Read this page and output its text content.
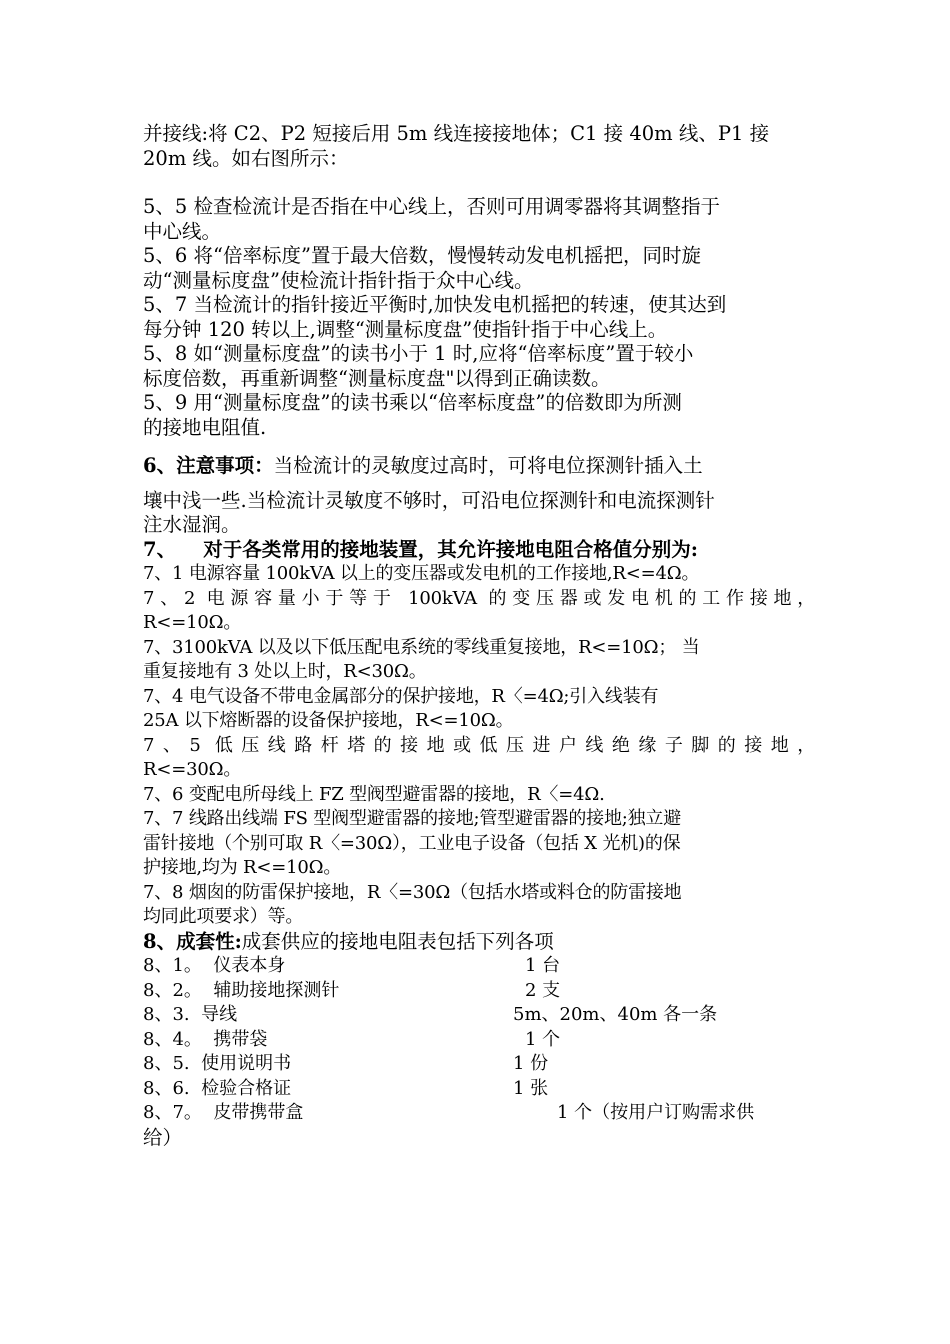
并接线:将 C2、P2 短接后用 5m 线连接接地体；C1 接 40m 线、P1 接

20m 线。如右图所示：

5、5 检查检流计是否指在中心线上，否则可用调零器将其调整指于

中心线。

5、6 将“倍率标度”置于最大倍数，慢慢转动发电机摇把，同时旋

动“测量标度盘”使检流计指针指于众中心线。

5、7 当检流计的指针接近平衡时,加快发电机摇把的转速，使其达到

每分钟 120 转以上,调整“测量标度盘”使指针指于中心线上。

5、8 如“测量标度盘”的读书小于 1 时,应将“倍率标度”置于较小

标度倍数，再重新调整“测量标度盘"以得到正确读数。

5、9 用“测量标度盘”的读书乘以“倍率标度盘”的倍数即为所测

的接地电阻值.

6、注意事项：当检流计的灵敏度过高时，可将电位探测针插入土

壤中浅一些.当检流计灵敏度不够时，可沿电位探测针和电流探测针

注水湿润。

7、    对于各类常用的接地装置，其允许接地电阻合格值分别为:

7、1 电源容量 100kVA 以上的变压器或发电机的工作接地,R<=4Ω。

7、2 电源容量小于等于 100kVA 的变压器或发电机的工作接地，

R<=10Ω。

7、3100kVA 以及以下低压配电系统的零线重复接地，R<=10Ω； 当

重复接地有 3 处以上时，R<30Ω。

7、4 电气设备不带电金属部分的保护接地，R〈=4Ω;引入线装有

25A 以下熔断器的设备保护接地，R<=10Ω。

7、5 低压线路杆塔的接地或低压进户线绝缘子脚的接地，

R<=30Ω。

7、6 变配电所母线上 FZ 型阀型避雷器的接地，R〈=4Ω.

7、7 线路出线端 FS 型阀型避雷器的接地;管型避雷器的接地;独立避

雷针接地（个别可取 R〈=30Ω），工业电子设备（包括 X 光机)的保

护接地,均为 R<=10Ω。

7、8 烟囱的防雷保护接地，R〈=30Ω（包括水塔或料仓的防雷接地

均同此项要求）等。

8、成套性:成套供应的接地电阻表包括下列各项

8、1。  仪表本身	1 台
8、2。  辅助接地探测针	2 支
8、3.  导线	5m、20m、40m 各一条
8、4。  携带袋	1 个
8、5.  使用说明书	1 份
8、6.  检验合格证	1 张
8、7。  皮带携带盒	1 个（按用户订购需求供

给）
